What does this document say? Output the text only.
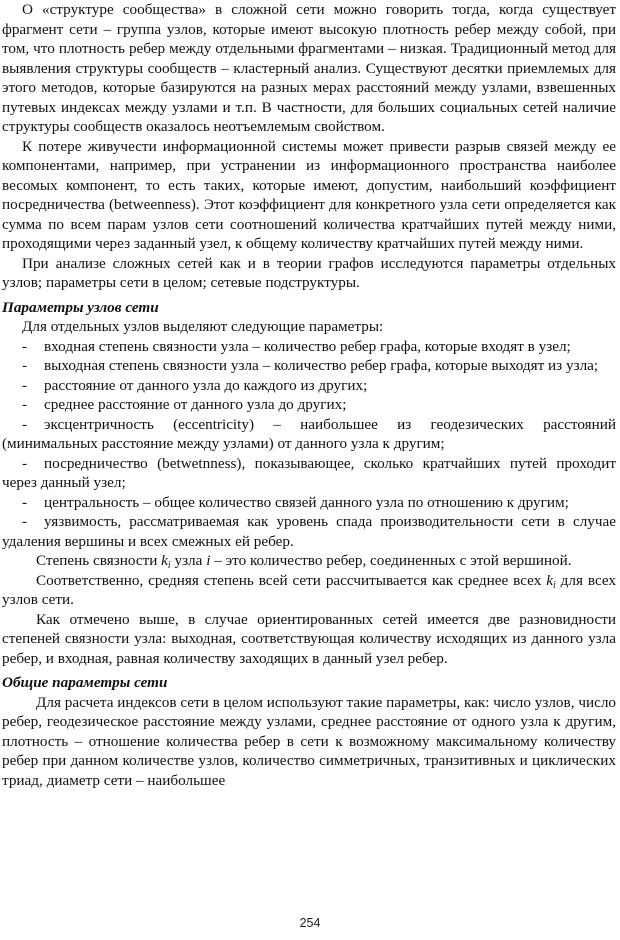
О «структуре сообщества» в сложной сети можно говорить тогда, когда существует фрагмент сети – группа узлов, которые имеют высокую плотность ребер между собой, при том, что плотность ребер между отдельными фрагментами – низкая. Традиционный метод для выявления структуры сообществ – кластерный анализ. Существуют десятки приемлемых для этого методов, которые базируются на разных мерах расстояний между узлами, взвешенных путевых индексах между узлами и т.п. В частности, для больших социальных сетей наличие структуры сообществ оказалось неотъемлемым свойством.

К потере живучести информационной системы может привести разрыв связей между ее компонентами, например, при устранении из информационного пространства наиболее весомых компонент, то есть таких, которые имеют, допустим, наибольший коэффициент посредничества (betweenness). Этот коэффициент для конкретного узла сети определяется как сумма по всем парам узлов сети соотношений количества кратчайших путей между ними, проходящими через заданный узел, к общему количеству кратчайших путей между ними.

При анализе сложных сетей как и в теории графов исследуются параметры отдельных узлов; параметры сети в целом; сетевые подструктуры.

Параметры узлов сети

Для отдельных узлов выделяют следующие параметры:

- входная степень связности узла – количество ребер графа, которые входят в узел;

- выходная степень связности узла – количество ребер графа, которые выходят из узла;

- расстояние от данного узла до каждого из других;

- среднее расстояние от данного узла до других;

- эксцентричность (eccentricity) – наибольшее из геодезических расстояний (минимальных расстояние между узлами) от данного узла к другим;

- посредничество (betwetnness), показывающее, сколько кратчайших путей проходит через данный узел;

- центральность – общее количество связей данного узла по отношению к другим;

- уязвимость, рассматриваемая как уровень спада производительности сети в случае удаления вершины и всех смежных ей ребер.

Степень связности $k_i$ узла i – это количество ребер, соединенных с этой вершиной.

Соответственно, средняя степень всей сети рассчитывается как среднее всех $k_i$ для всех узлов сети.

Как отмечено выше, в случае ориентированных сетей имеется две разновидности степеней связности узла: выходная, соответствующая количеству исходящих из данного узла ребер, и входная, равная количеству заходящих в данный узел ребер.

Общие параметры сети

Для расчета индексов сети в целом используют такие параметры, как: число узлов, число ребер, геодезическое расстояние между узлами, среднее расстояние от одного узла к другим, плотность – отношение количества ребер в сети к возможному максимальному количеству ребер при данном количестве узлов, количество симметричных, транзитивных и циклических триад, диаметр сети – наибольшее

254
